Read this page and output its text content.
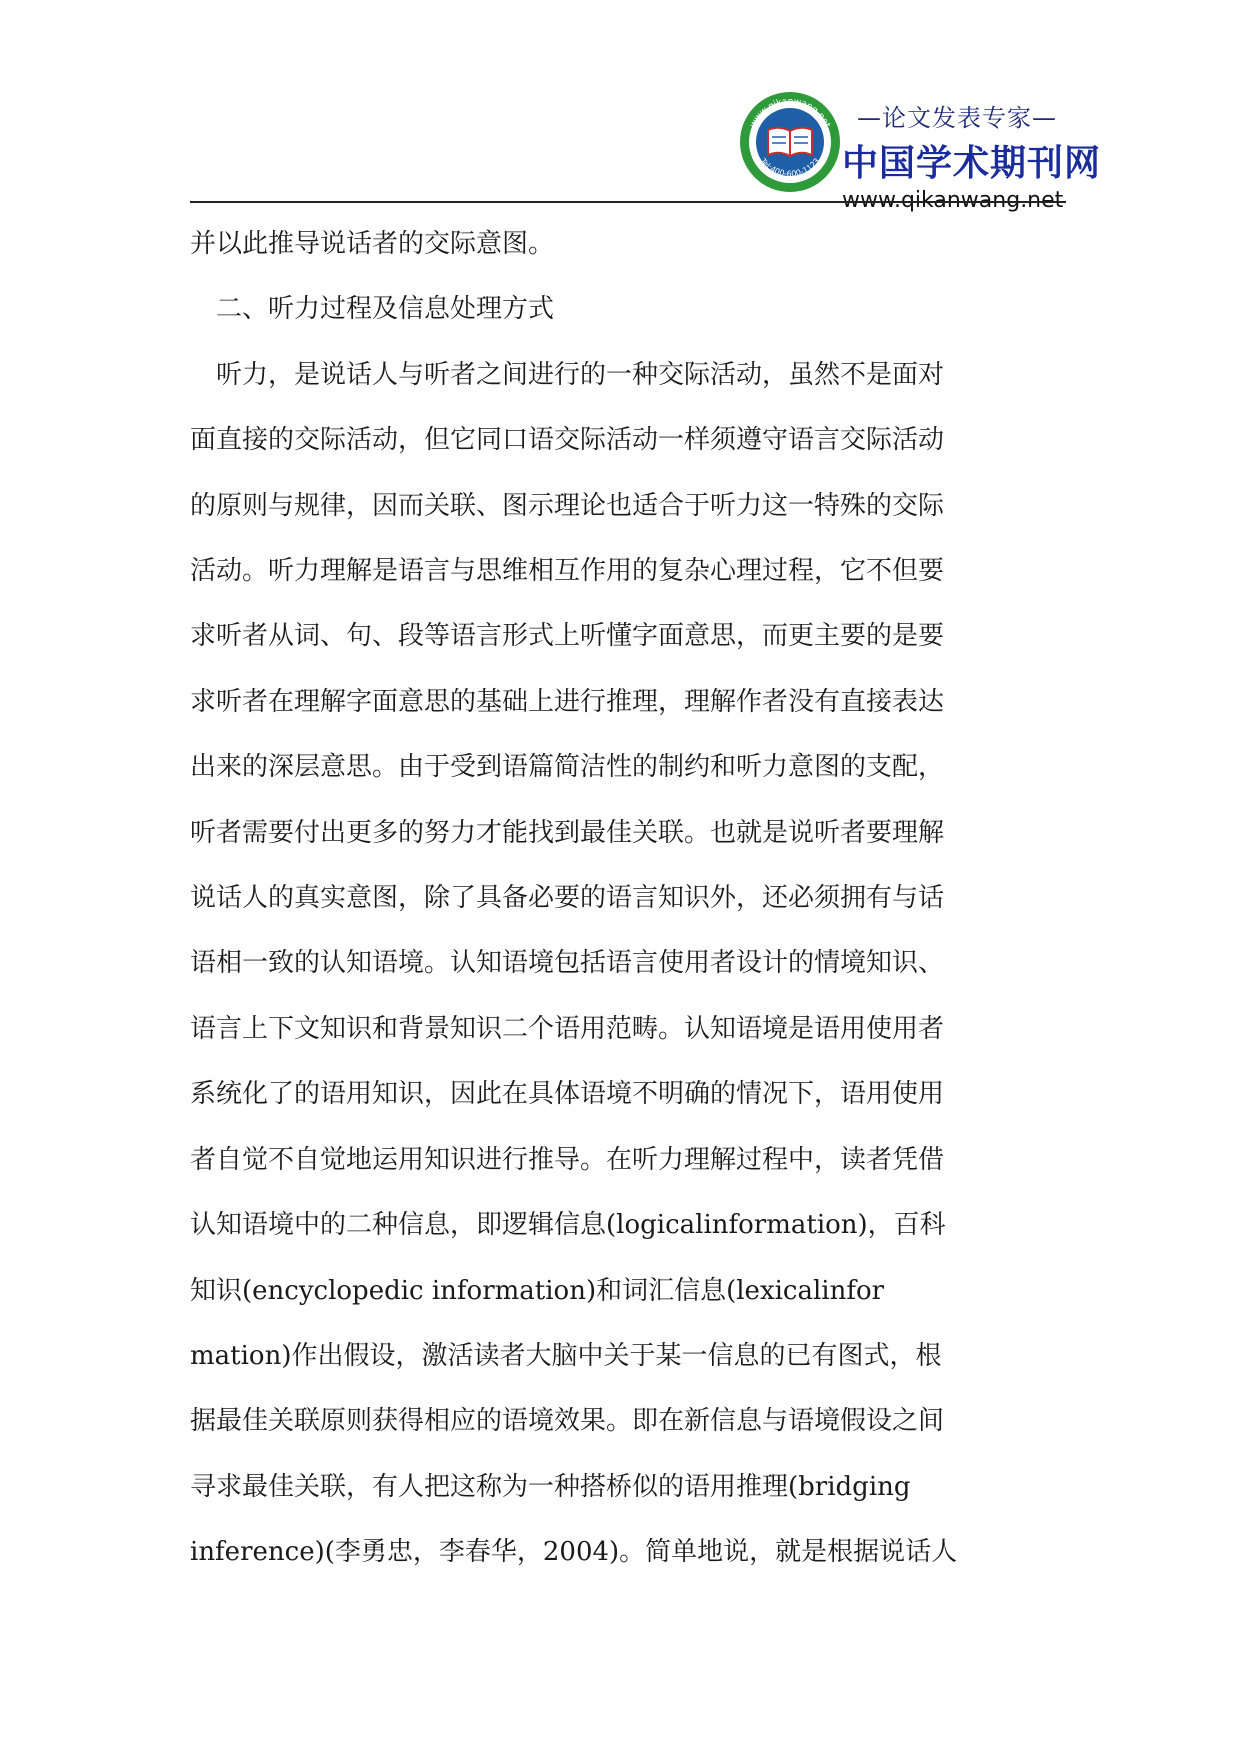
www.qikanwang.net
Tel:400-600-1123
—论文发表专家—
中国学术期刊网
www.qikanwang.net

并以此推导说话者的交际意图。

二、听力过程及信息处理方式

听力，是说话人与听者之间进行的一种交际活动，虽然不是面对

面直接的交际活动，但它同口语交际活动一样须遵守语言交际活动

的原则与规律，因而关联、图示理论也适合于听力这一特殊的交际

活动。听力理解是语言与思维相互作用的复杂心理过程，它不但要

求听者从词、句、段等语言形式上听懂字面意思，而更主要的是要

求听者在理解字面意思的基础上进行推理，理解作者没有直接表达

出来的深层意思。由于受到语篇简洁性的制约和听力意图的支配，

听者需要付出更多的努力才能找到最佳关联。也就是说听者要理解

说话人的真实意图，除了具备必要的语言知识外，还必须拥有与话

语相一致的认知语境。认知语境包括语言使用者设计的情境知识、

语言上下文知识和背景知识二个语用范畴。认知语境是语用使用者

系统化了的语用知识，因此在具体语境不明确的情况下，语用使用

者自觉不自觉地运用知识进行推导。在听力理解过程中，读者凭借

认知语境中的二种信息，即逻辑信息(logicalinformation)，百科

知识(encyclopedic information)和词汇信息(lexicalinfor

mation)作出假设，激活读者大脑中关于某一信息的已有图式，根

据最佳关联原则获得相应的语境效果。即在新信息与语境假设之间

寻求最佳关联，有人把这称为一种搭桥似的语用推理(bridging

inference)(李勇忠，李春华，2004)。简单地说，就是根据说话人
